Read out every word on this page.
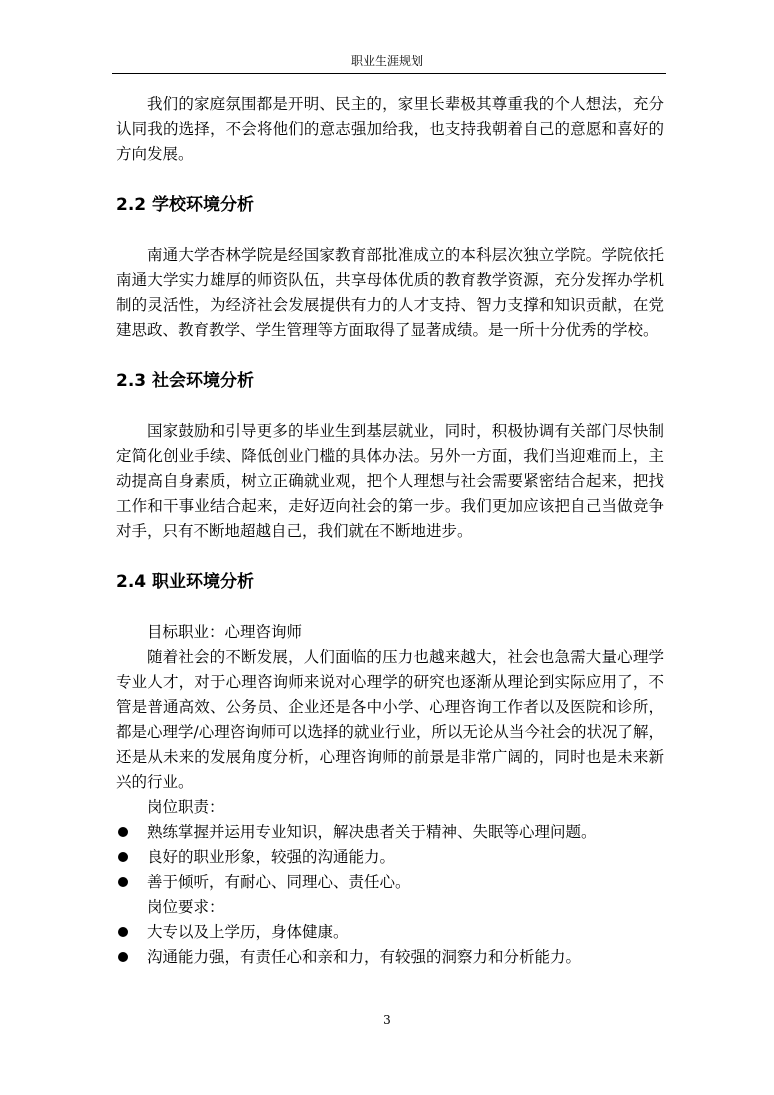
职业生涯规划

我们的家庭氛围都是开明、民主的，家里长辈极其尊重我的个人想法，充分认同我的选择，不会将他们的意志强加给我，也支持我朝着自己的意愿和喜好的方向发展。

2.2 学校环境分析

南通大学杏林学院是经国家教育部批准成立的本科层次独立学院。学院依托南通大学实力雄厚的师资队伍，共享母体优质的教育教学资源，充分发挥办学机制的灵活性，为经济社会发展提供有力的人才支持、智力支撑和知识贡献，在党建思政、教育教学、学生管理等方面取得了显著成绩。是一所十分优秀的学校。

2.3 社会环境分析

国家鼓励和引导更多的毕业生到基层就业，同时，积极协调有关部门尽快制定简化创业手续、降低创业门槛的具体办法。另外一方面，我们当迎难而上，主动提高自身素质，树立正确就业观，把个人理想与社会需要紧密结合起来，把找工作和干事业结合起来，走好迈向社会的第一步。我们更加应该把自己当做竞争对手，只有不断地超越自己，我们就在不断地进步。

2.4 职业环境分析

目标职业：心理咨询师

随着社会的不断发展，人们面临的压力也越来越大，社会也急需大量心理学专业人才，对于心理咨询师来说对心理学的研究也逐渐从理论到实际应用了，不管是普通高效、公务员、企业还是各中小学、心理咨询工作者以及医院和诊所，都是心理学/心理咨询师可以选择的就业行业，所以无论从当今社会的状况了解，还是从未来的发展角度分析，心理咨询师的前景是非常广阔的，同时也是未来新兴的行业。

岗位职责：

熟练掌握并运用专业知识，解决患者关于精神、失眠等心理问题。
良好的职业形象，较强的沟通能力。
善于倾听，有耐心、同理心、责任心。

岗位要求：

大专以及上学历，身体健康。
沟通能力强，有责任心和亲和力，有较强的洞察力和分析能力。
3
